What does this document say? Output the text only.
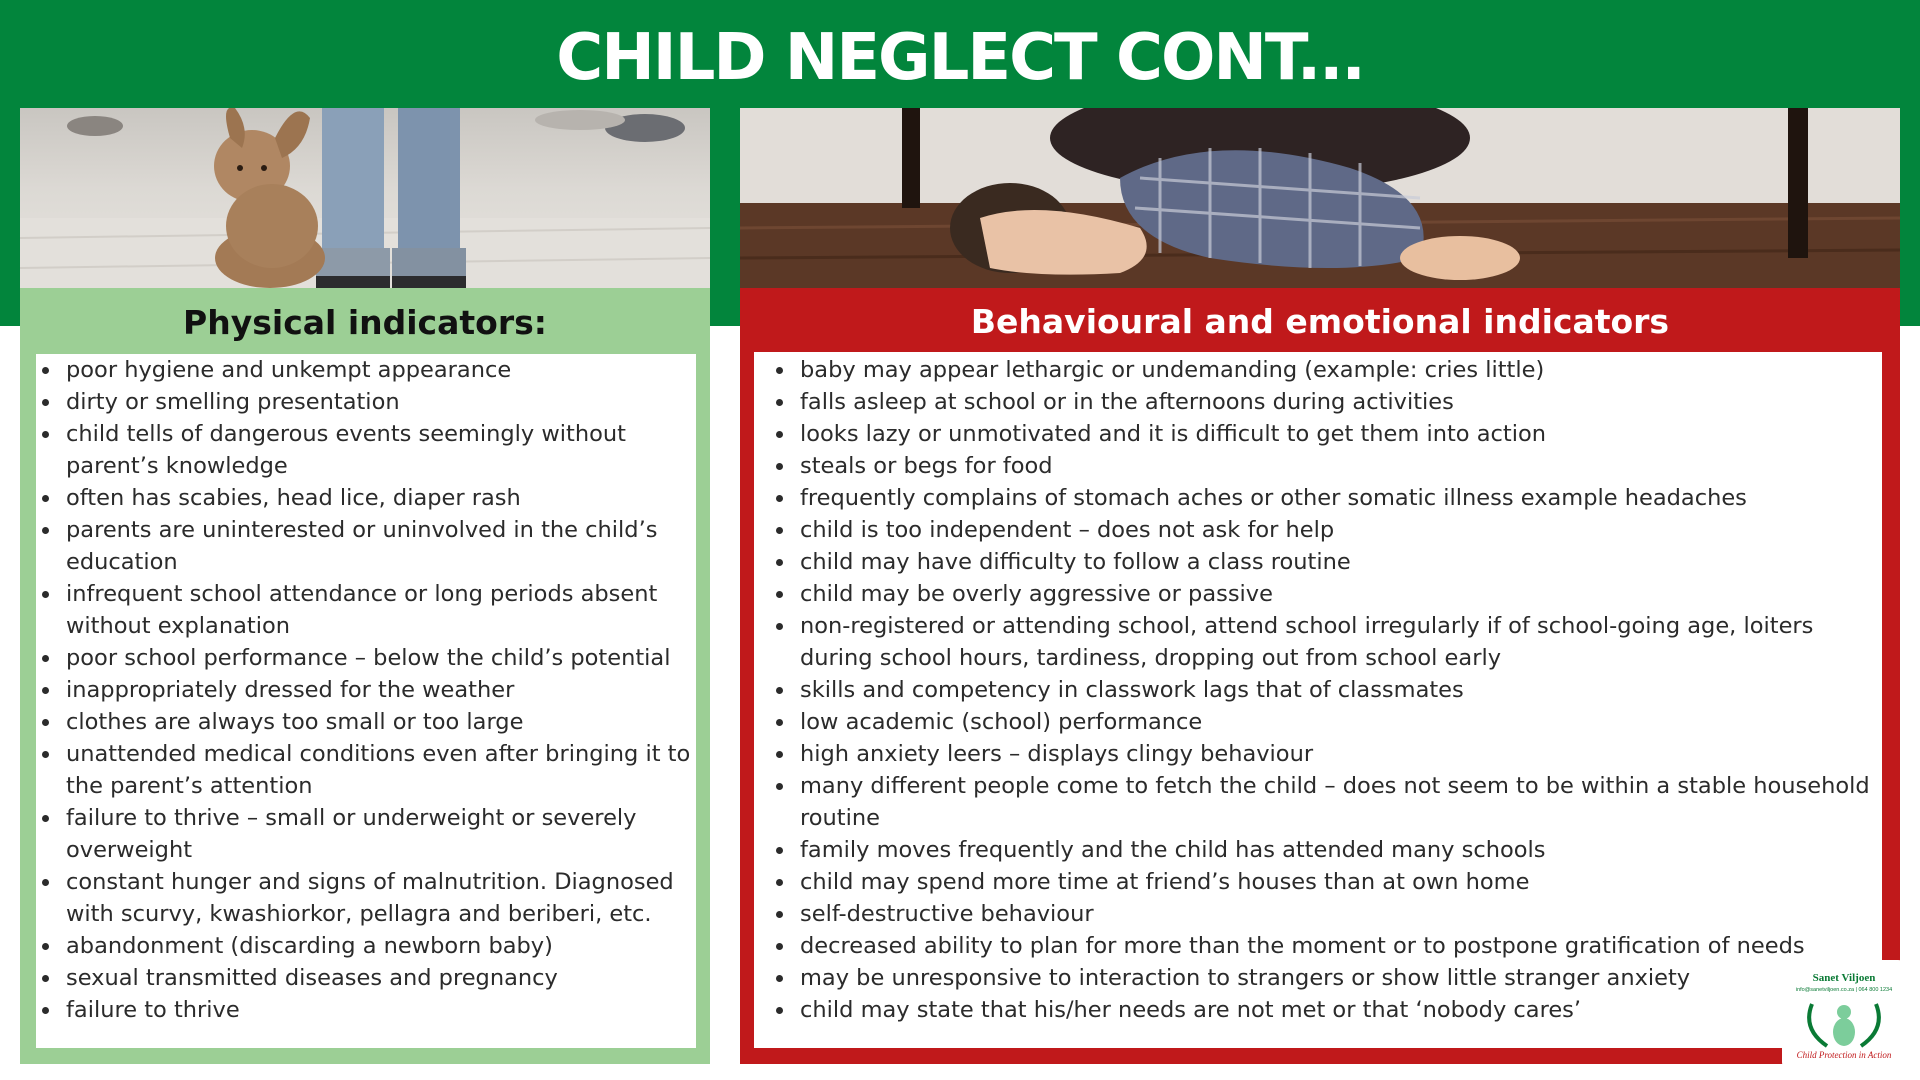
CHILD NEGLECT CONT...
Physical indicators:
• poor hygiene and unkempt appearance
• dirty or smelling presentation
• child tells of dangerous events seemingly without parent’s knowledge
• often has scabies, head lice, diaper rash
• parents are uninterested or uninvolved in the child’s education
• infrequent school attendance or long periods absent without explanation
• poor school performance – below the child’s potential
• inappropriately dressed for the weather
• clothes are always too small or too large
• unattended medical conditions even after bringing it to the parent’s attention
• failure to thrive – small or underweight or severely overweight
• constant hunger and signs of malnutrition. Diagnosed with scurvy, kwashiorkor, pellagra and beriberi, etc.
• abandonment (discarding a newborn baby)
• sexual transmitted diseases and pregnancy
• failure to thrive
Behavioural and emotional indicators
• baby may appear lethargic or undemanding (example: cries little)
• falls asleep at school or in the afternoons during activities
• looks lazy or unmotivated and it is difficult to get them into action
• steals or begs for food
• frequently complains of stomach aches or other somatic illness example headaches
• child is too independent – does not ask for help
• child may have difficulty to follow a class routine
• child may be overly aggressive or passive
• non-registered or attending school, attend school irregularly if of school-going age, loiters during school hours, tardiness, dropping out from school early
• skills and competency in classwork lags that of classmates
• low academic (school) performance
• high anxiety leers – displays clingy behaviour
• many different people come to fetch the child – does not seem to be within a stable household routine
• family moves frequently and the child has attended many schools
• child may spend more time at friend’s houses than at own home
• self-destructive behaviour
• decreased ability to plan for more than the moment or to postpone gratification of needs
• may be unresponsive to interaction to strangers or show little stranger anxiety
• child may state that his/her needs are not met or that ‘nobody cares’
Sanet Viljoen
info@sanetviljoen.co.za | 064 800 1234
Child Protection in Action
